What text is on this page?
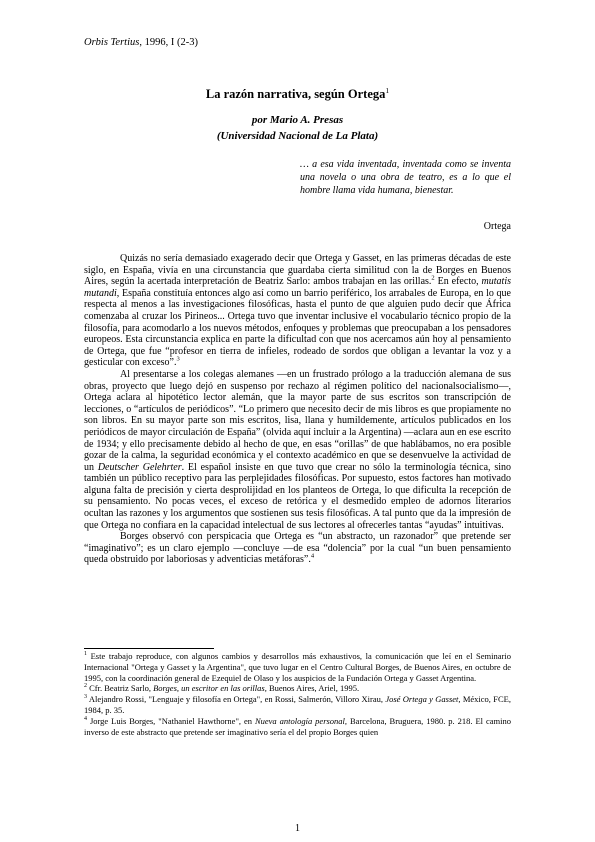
Orbis Tertius, 1996, I (2-3)
La razón narrativa, según Ortega$^1$
por Mario A. Presas
(Universidad Nacional de La Plata)
… a esa vida inventada, inventada como se inventa una novela o una obra de teatro, es a lo que el hombre llama vida humana, bienestar.
Ortega

Quizás no sería demasiado exagerado decir que Ortega y Gasset, en las primeras décadas de este siglo, en España, vivía en una circunstancia que guardaba cierta similitud con la de Borges en Buenos Aires, según la acertada interpretación de Beatriz Sarlo: ambos trabajan en las orillas.$^2$ En efecto, mutatis mutandi, España constituía entonces algo así como un barrio periférico, los arrabales de Europa, en lo que respecta al menos a las investigaciones filosóficas, hasta el punto de que alguien pudo decir que África comenzaba al cruzar los Pirineos... Ortega tuvo que inventar inclusive el vocabulario técnico propio de la filosofía, para acomodarlo a los nuevos métodos, enfoques y problemas que preocupaban a los pensadores europeos. Esta circunstancia explica en parte la dificultad con que nos acercamos aún hoy al pensamiento de Ortega, que fue “profesor en tierra de infieles, rodeado de sordos que obligan a levantar la voz y a gesticular con exceso”.$^3$

Al presentarse a los colegas alemanes —en un frustrado prólogo a la traducción alemana de sus obras, proyecto que luego dejó en suspenso por rechazo al régimen político del nacionalsocialismo—, Ortega aclara al hipotético lector alemán, que la mayor parte de sus escritos son transcripción de lecciones, o “artículos de periódicos”. “Lo primero que necesito decir de mis libros es que propiamente no son libros. En su mayor parte son mis escritos, lisa, llana y humildemente, artículos publicados en los periódicos de mayor circulación de España” (olvida aquí incluir a la Argentina) —aclara aun en ese escrito de 1934; y ello precisamente debido al hecho de que, en esas “orillas” de que hablábamos, no era posible gozar de la calma, la seguridad económica y el contexto académico en que se desenvuelve la actividad de un Deutscher Gelehrter. El español insiste en que tuvo que crear no sólo la terminología técnica, sino también un público receptivo para las perplejidades filosóficas. Por supuesto, estos factores han motivado alguna falta de precisión y cierta desprolijidad en los planteos de Ortega, lo que dificulta la recepción de su pensamiento. No pocas veces, el exceso de retórica y el desmedido empleo de adornos literarios ocultan las razones y los argumentos que sostienen sus tesis filosóficas. A tal punto que da la impresión de que Ortega no confiara en la capacidad intelectual de sus lectores al ofrecerles tantas “ayudas” intuitivas.

Borges observó con perspicacia que Ortega es “un abstracto, un razonador” que pretende ser “imaginativo”; es un claro ejemplo —concluye —de esa “dolencia” por la cual “un buen pensamiento queda obstruido por laboriosas y adventicias metáforas”.$^4$

$^1$ Este trabajo reproduce, con algunos cambios y desarrollos más exhaustivos, la comunicación que leí en el Seminario Internacional "Ortega y Gasset y la Argentina", que tuvo lugar en el Centro Cultural Borges, de Buenos Aires, en octubre de 1995, con la coordinación general de Ezequiel de Olaso y los auspicios de la Fundación Ortega y Gasset Argentina.

$^2$ Cfr. Beatriz Sarlo, Borges, un escritor en las orillas, Buenos Aires, Ariel, 1995.

$^3$ Alejandro Rossi, "Lenguaje y filosofía en Ortega", en Rossi, Salmerón, Villoro Xirau, José Ortega y Gasset, México, FCE, 1984, p. 35.

$^4$ Jorge Luis Borges, "Nathaniel Hawthorne", en Nueva antología personal, Barcelona, Bruguera, 1980. p. 218. El camino inverso de este abstracto que pretende ser imaginativo sería el del propio Borges quien

1
